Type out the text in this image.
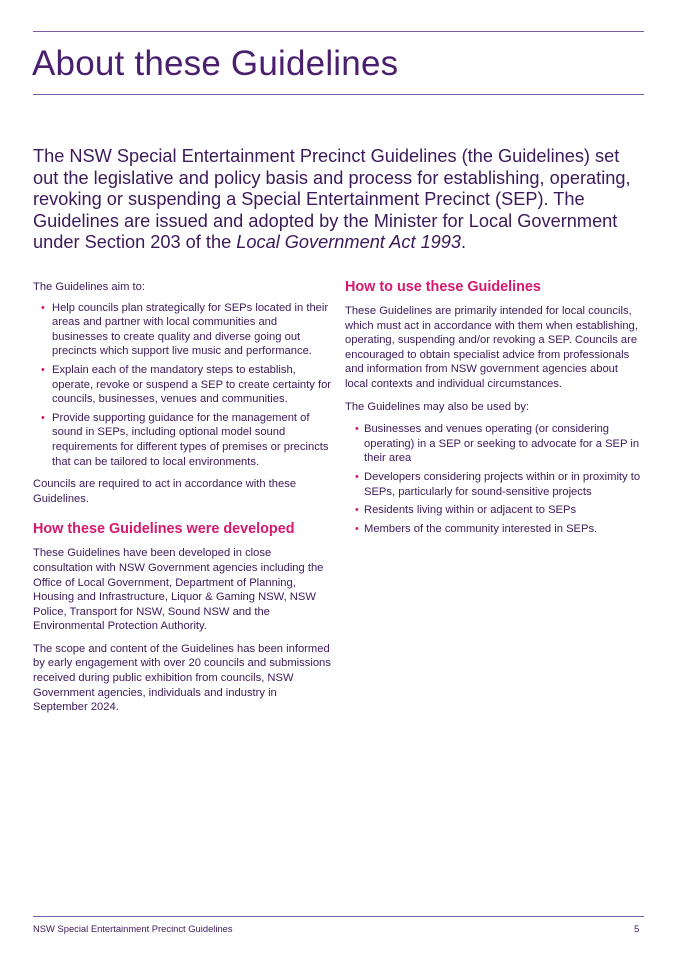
About these Guidelines

The NSW Special Entertainment Precinct Guidelines (the Guidelines) set out the legislative and policy basis and process for establishing, operating, revoking or suspending a Special Entertainment Precinct (SEP). The Guidelines are issued and adopted by the Minister for Local Government under Section 203 of the Local Government Act 1993.

The Guidelines aim to:

• Help councils plan strategically for SEPs located in their areas and partner with local communities and businesses to create quality and diverse going out precincts which support live music and performance.
• Explain each of the mandatory steps to establish, operate, revoke or suspend a SEP to create certainty for councils, businesses, venues and communities.
• Provide supporting guidance for the management of sound in SEPs, including optional model sound requirements for different types of premises or precincts that can be tailored to local environments.

Councils are required to act in accordance with these Guidelines.

How these Guidelines were developed

These Guidelines have been developed in close consultation with NSW Government agencies including the Office of Local Government, Department of Planning, Housing and Infrastructure, Liquor & Gaming NSW, NSW Police, Transport for NSW, Sound NSW and the Environmental Protection Authority.

The scope and content of the Guidelines has been informed by early engagement with over 20 councils and submissions received during public exhibition from councils, NSW Government agencies, individuals and industry in September 2024.

How to use these Guidelines

These Guidelines are primarily intended for local councils, which must act in accordance with them when establishing, operating, suspending and/or revoking a SEP. Councils are encouraged to obtain specialist advice from professionals and information from NSW government agencies about local contexts and individual circumstances.

The Guidelines may also be used by:

• Businesses and venues operating (or considering operating) in a SEP or seeking to advocate for a SEP in their area
• Developers considering projects within or in proximity to SEPs, particularly for sound-sensitive projects
• Residents living within or adjacent to SEPs
• Members of the community interested in SEPs.
NSW Special Entertainment Precinct Guidelines	5
